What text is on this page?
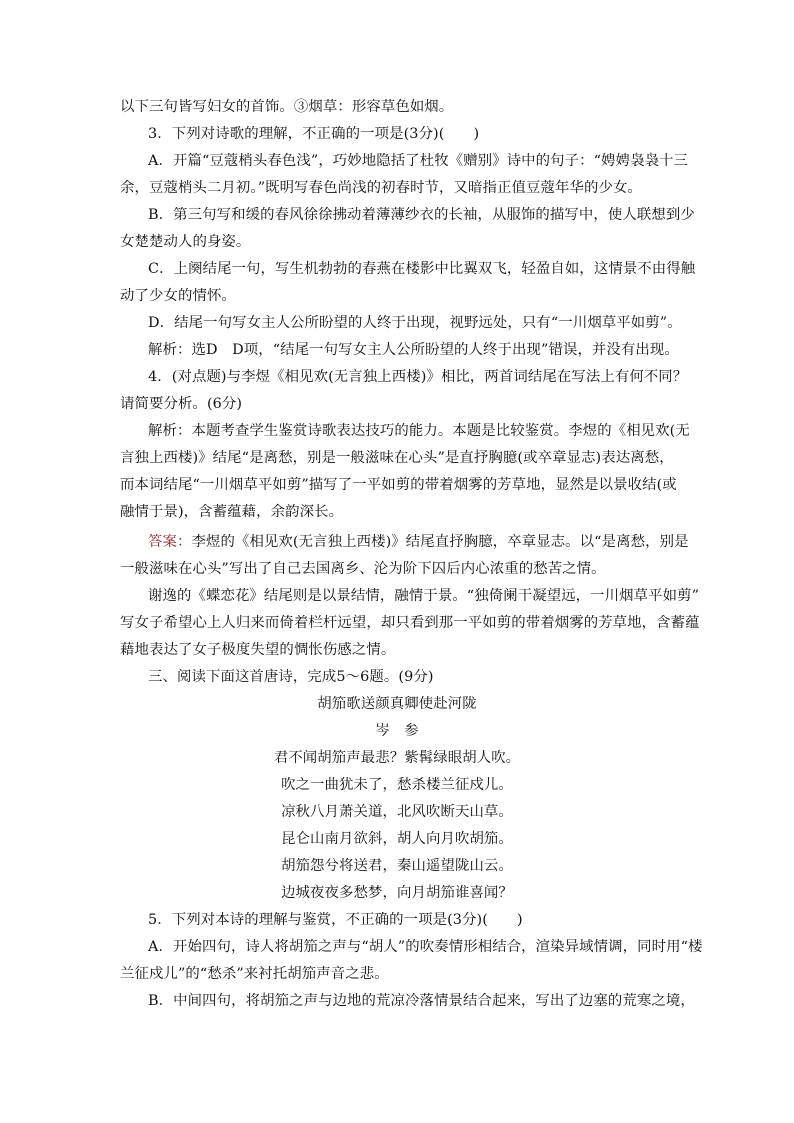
以下三句皆写妇女的首饰。③烟草：形容草色如烟。
3．下列对诗歌的理解，不正确的一项是(3分)(　　)
A．开篇“豆蔻梢头春色浅”，巧妙地隐括了杜牧《赠别》诗中的句子：“娉娉袅袅十三
余，豆蔻梢头二月初。”既明写春色尚浅的初春时节，又暗指正值豆蔻年华的少女。
B．第三句写和缓的春风徐徐拂动着薄薄纱衣的长袖，从服饰的描写中，使人联想到少
女楚楚动人的身姿。
C．上阕结尾一句，写生机勃勃的春燕在楼影中比翼双飞，轻盈自如，这情景不由得触
动了少女的情怀。
D．结尾一句写女主人公所盼望的人终于出现，视野远处，只有“一川烟草平如剪”。
解析：选D　D项，“结尾一句写女主人公所盼望的人终于出现”错误，并没有出现。
4．(对点题)与李煜《相见欢(无言独上西楼)》相比，两首词结尾在写法上有何不同？
请简要分析。(6分)
解析：本题考查学生鉴赏诗歌表达技巧的能力。本题是比较鉴赏。李煜的《相见欢(无
言独上西楼)》结尾“是离愁，别是一般滋味在心头”是直抒胸臆(或卒章显志)表达离愁，
而本词结尾“一川烟草平如剪”描写了一平如剪的带着烟雾的芳草地，显然是以景收结(或
融情于景)，含蓄蕴藉，余韵深长。
答案：李煜的《相见欢(无言独上西楼)》结尾直抒胸臆，卒章显志。以“是离愁，别是
一般滋味在心头”写出了自己去国离乡、沦为阶下囚后内心浓重的愁苦之情。
谢逸的《蝶恋花》结尾则是以景结情，融情于景。“独倚阑干凝望远，一川烟草平如剪”
写女子希望心上人归来而倚着栏杆远望，却只看到那一平如剪的带着烟雾的芳草地，含蓄蕴
藉地表达了女子极度失望的惆怅伤感之情。
三、阅读下面这首唐诗，完成5～6题。(9分)
胡笳歌送颜真卿使赴河陇
岑　参
君不闻胡笳声最悲？紫髯绿眼胡人吹。
吹之一曲犹未了，愁杀楼兰征戍儿。
凉秋八月萧关道，北风吹断天山草。
昆仑山南月欲斜，胡人向月吹胡笳。
胡笳怨兮将送君，秦山遥望陇山云。
边城夜夜多愁梦，向月胡笳谁喜闻？
5．下列对本诗的理解与鉴赏，不正确的一项是(3分)(　　)
A．开始四句，诗人将胡笳之声与“胡人”的吹奏情形相结合，渲染异域情调，同时用“楼
兰征戍儿”的“愁杀”来衬托胡笳声音之悲。
B．中间四句，将胡笳之声与边地的荒凉冷落情景结合起来，写出了边塞的荒寒之境，
